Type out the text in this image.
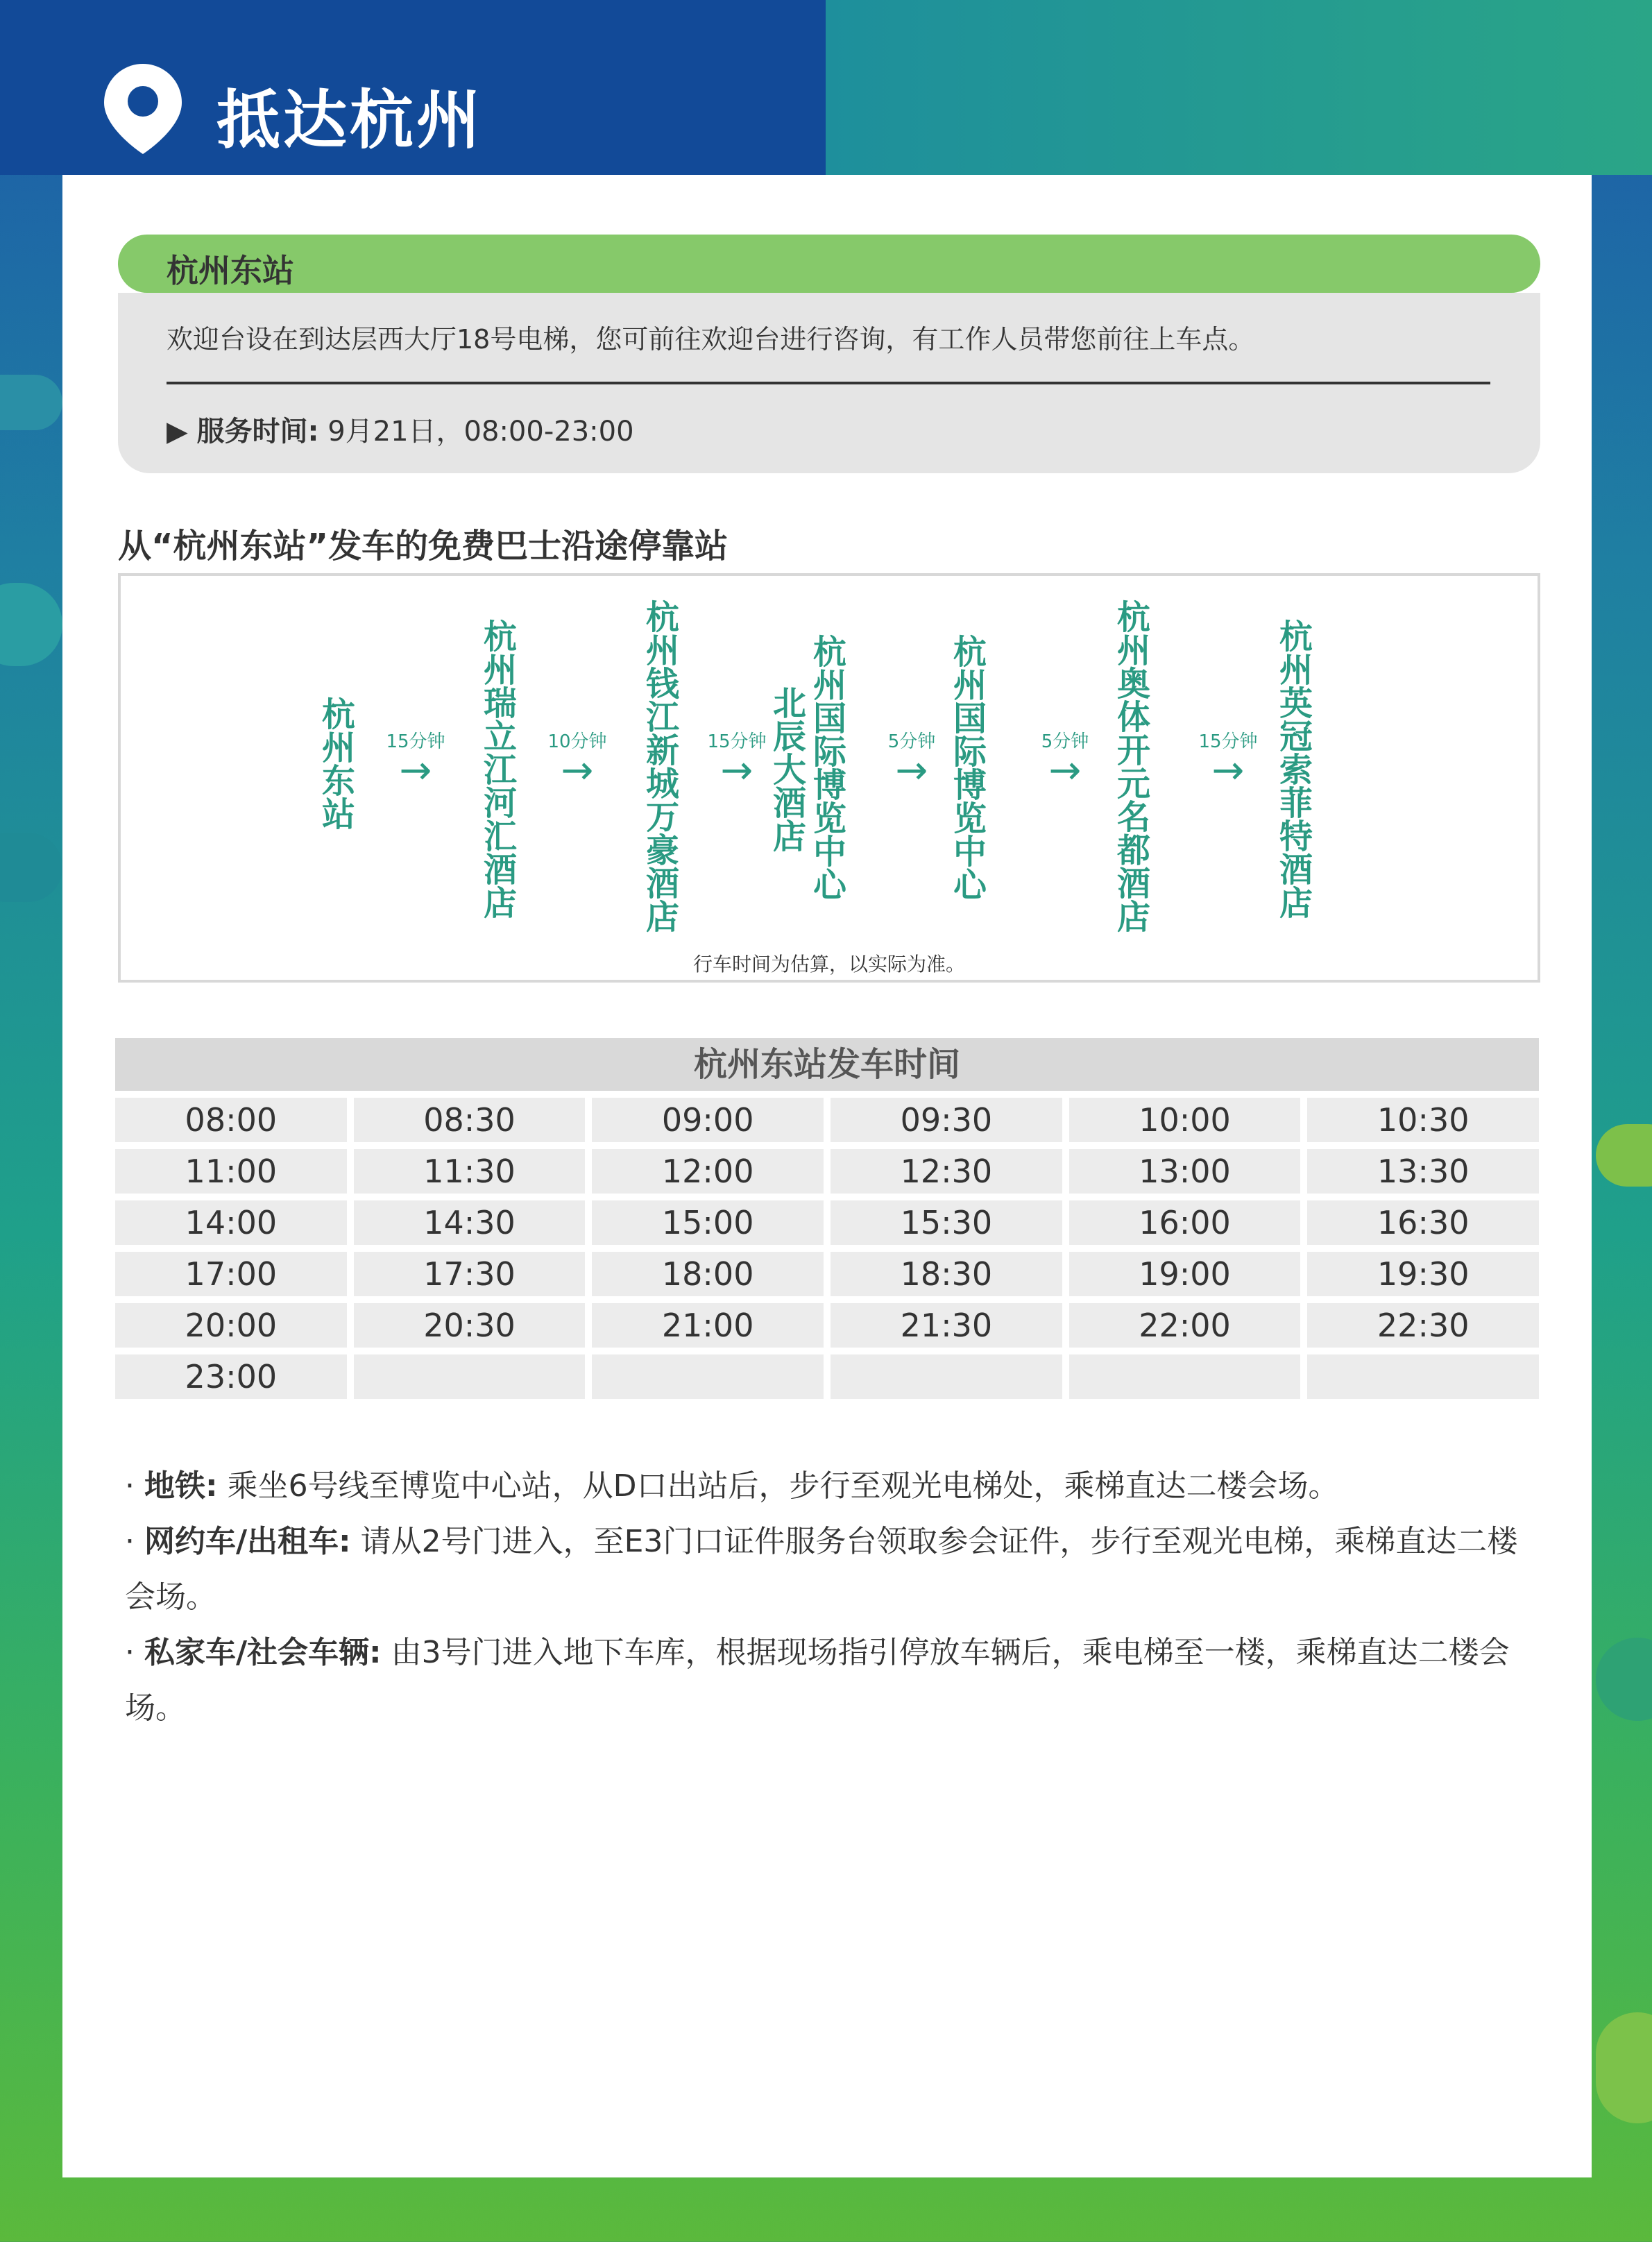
抵达杭州
杭州东站
欢迎台设在到达层西大厅18号电梯，您可前往欢迎台进行咨询，有工作人员带您前往上车点。
▶ 服务时间: 9月21日，08:00-23:00
从“杭州东站”发车的免费巴士沿途停靠站
行车时间为估算，以实际为准。
杭州东站
杭州瑞立江河汇酒店
杭州钱江新城万豪酒店
北辰大酒店
杭州国际博览中心
杭州国际博览中心
杭州奥体开元名都酒店
杭州英冠索菲特酒店
15分钟
→
10分钟
→
15分钟
→
5分钟
→
5分钟
→
15分钟
→
杭州东站发车时间
08:00	08:30	09:00	09:30	10:00	10:30
11:00	11:30	12:00	12:30	13:00	13:30
14:00	14:30	15:00	15:30	16:00	16:30
17:00	17:30	18:00	18:30	19:00	19:30
20:00	20:30	21:00	21:30	22:00	22:30
23:00

· 地铁: 乘坐6号线至博览中心站，从D口出站后，步行至观光电梯处，乘梯直达二楼会场。

· 网约车/出租车: 请从2号门进入，至E3门口证件服务台领取参会证件，步行至观光电梯，乘梯直达二楼会场。

· 私家车/社会车辆: 由3号门进入地下车库，根据现场指引停放车辆后，乘电梯至一楼，乘梯直达二楼会场。
